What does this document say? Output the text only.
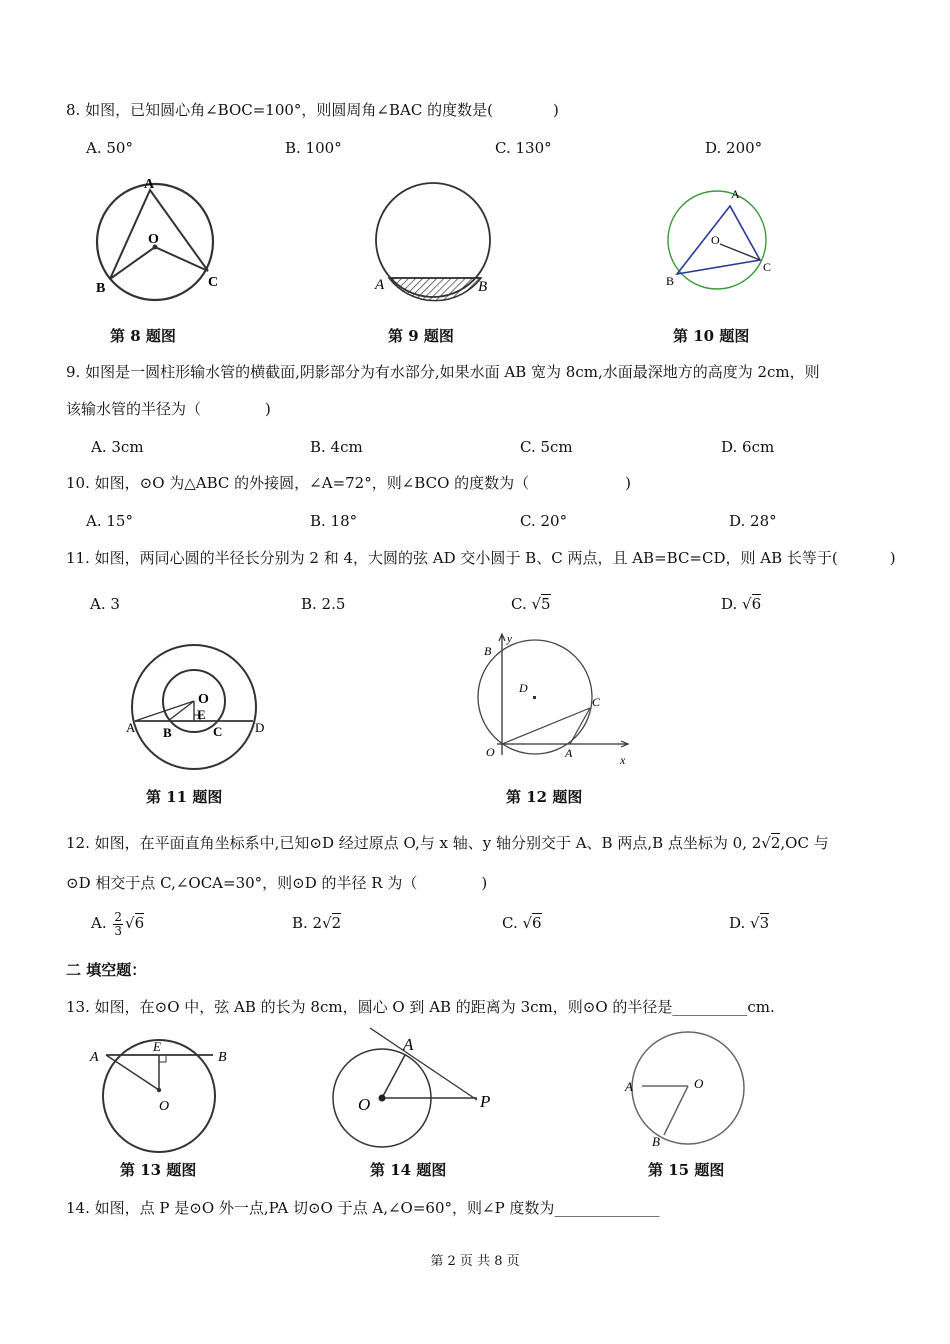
8. 如图，已知圆心角∠BOC=100°，则圆周角∠BAC 的度数是(	)
A. 50°	B. 100°	C. 130°	D. 200°
A
O
B	C
第 8 题图
A	B
第 9 题图
A
O
B
C
第 10 题图
9. 如图是一圆柱形输水管的横截面,阴影部分为有水部分,如果水面 AB 宽为 8cm,水面最深地方的高度为 2cm，则
该输水管的半径为（	)
A. 3cm	B. 4cm	C. 5cm	D. 6cm
10. 如图，⊙O 为△ABC 的外接圆，∠A=72°，则∠BCO 的度数为（	)
A. 15°	B. 18°	C. 20°	D. 28°
11. 如图，两同心圆的半径长分别为 2 和 4，大圆的弦 AD 交小圆于 B、C 两点，且 AB=BC=CD，则 AB 长等于(	)
A. 3	B. 2.5	C. √5	D. √6
O
E
A B	C	D
第 11 题图
y
B
D
C
O	A	x
第 12 题图
12. 如图，在平面直角坐标系中,已知⊙D 经过原点 O,与 x 轴、y 轴分别交于 A、B 两点,B 点坐标为 0, 2√2,OC 与
⊙D 相交于点 C,∠OCA=30°，则⊙D 的半径 R 为（	)
A. $\frac{2}{3} √6$	B. 2√2	C. √6	D. √3
二 填空题：
13. 如图，在⊙O 中，弦 AB 的长为 8cm，圆心 O 到 AB 的距离为 3cm，则⊙O 的半径是__________cm.
A
E
B
O
第 13 题图
A
O	P
第 14 题图
A	O
B
第 15 题图
14. 如图，点 P 是⊙O 外一点,PA 切⊙O 于点 A,∠O=60°，则∠P 度数为______________
第 2 页 共 8 页
